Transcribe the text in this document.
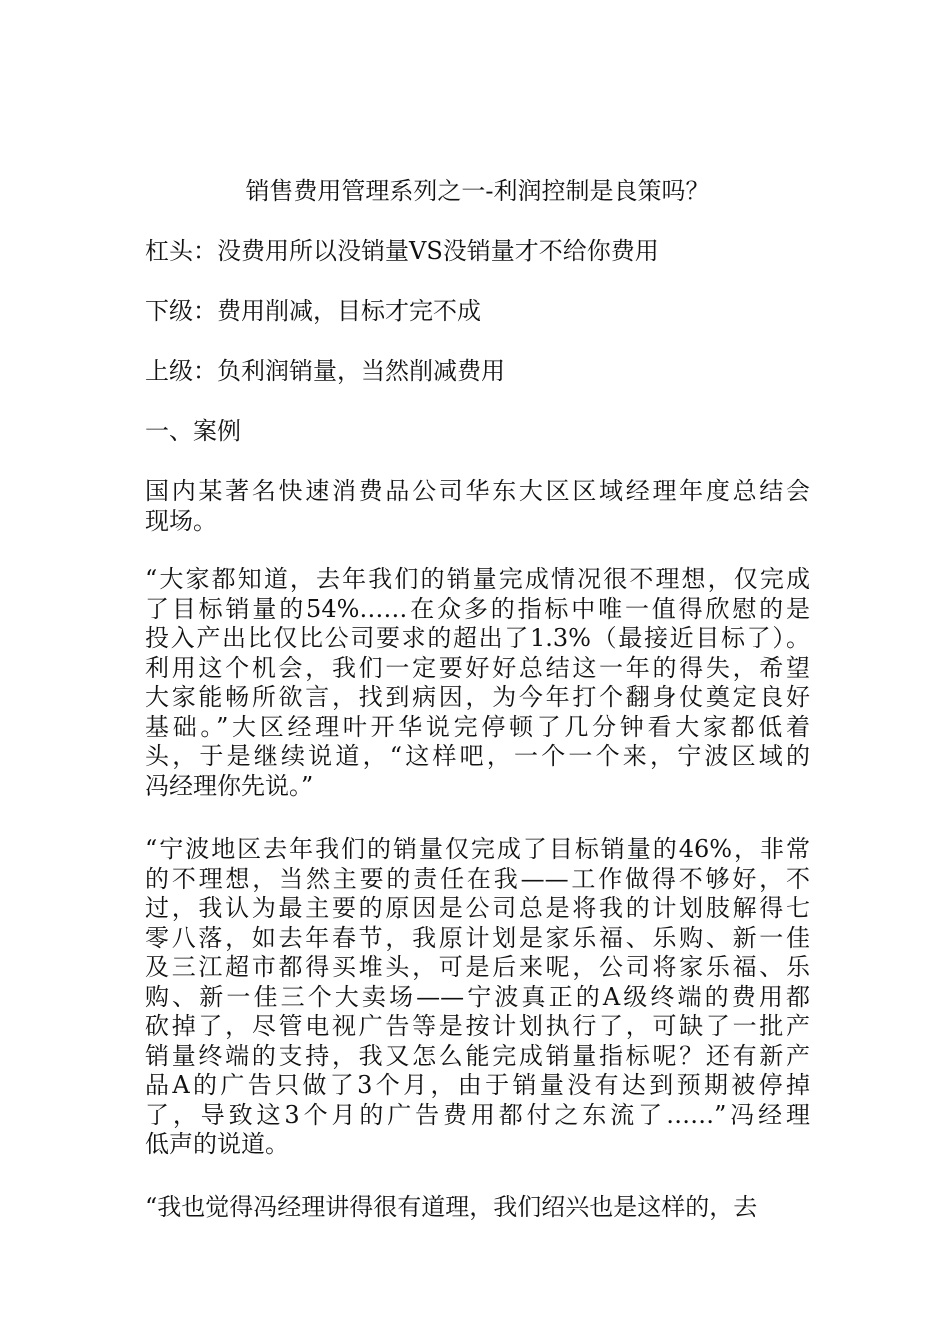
销售费用管理系列之一-利润控制是良策吗？

杠头：没费用所以没销量VS没销量才不给你费用

下级：费用削减，目标才完不成

上级：负利润销量，当然削减费用

一、案例

国内某著名快速消费品公司华东大区区域经理年度总结会
现场。

“大家都知道，去年我们的销量完成情况很不理想，仅完成
了目标销量的54%……在众多的指标中唯一值得欣慰的是
投入产出比仅比公司要求的超出了1.3%（最接近目标了）。
利用这个机会，我们一定要好好总结这一年的得失，希望
大家能畅所欲言，找到病因，为今年打个翻身仗奠定良好
基础。”大区经理叶开华说完停顿了几分钟看大家都低着
头，于是继续说道，“这样吧，一个一个来，宁波区域的
冯经理你先说。”

“宁波地区去年我们的销量仅完成了目标销量的46%，非常
的不理想，当然主要的责任在我——工作做得不够好，不
过，我认为最主要的原因是公司总是将我的计划肢解得七
零八落，如去年春节，我原计划是家乐福、乐购、新一佳
及三江超市都得买堆头，可是后来呢，公司将家乐福、乐
购、新一佳三个大卖场——宁波真正的A级终端的费用都
砍掉了，尽管电视广告等是按计划执行了，可缺了一批产
销量终端的支持，我又怎么能完成销量指标呢？还有新产
品A的广告只做了3个月，由于销量没有达到预期被停掉
了，导致这3个月的广告费用都付之东流了……”冯经理
低声的说道。

“我也觉得冯经理讲得很有道理，我们绍兴也是这样的，去
